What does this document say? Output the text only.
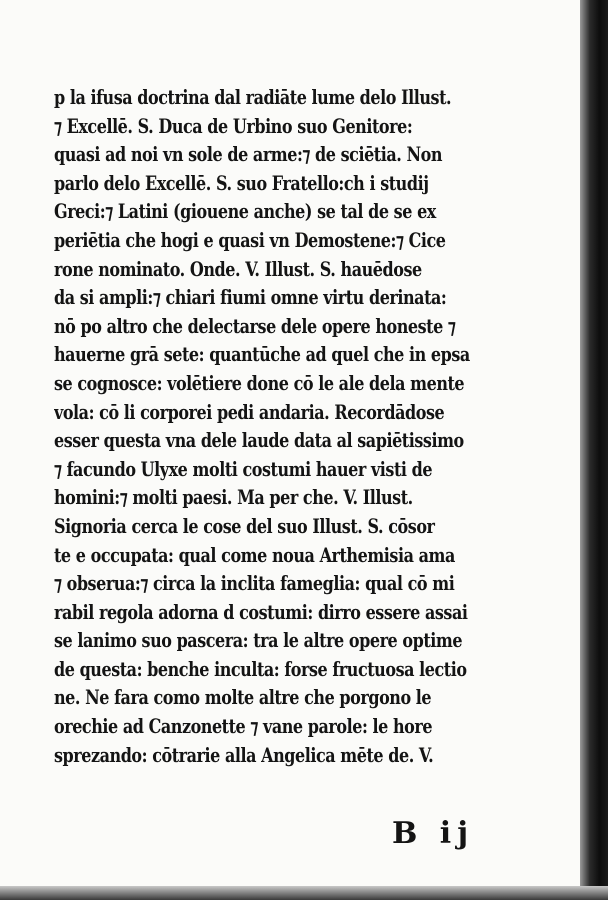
p la ifusa doctrina dal radiāte lume delo Illust.
⁊ Excellē. S. Duca de Urbino suo Genitore:
quasi ad noi vn sole de arme:⁊ de sciētia. Non
parlo delo Excellē. S. suo Fratello:ch i studij
Greci:⁊ Latini (giouene anche) se tal de se ex
periētia che hogi e quasi vn Demostene:⁊ Cice
rone nominato. Onde. V. Illust. S. hauēdose
da si ampli:⁊ chiari fiumi omne virtu derinata:
nō po altro che delectarse dele opere honeste ⁊
hauerne grā sete: quantūche ad quel che in epsa
se cognosce: volētiere done cō le ale dela mente
vola: cō li corporei pedi andaria. Recordādose
esser questa vna dele laude data al sapiētissimo
⁊ facundo Ulyxe molti costumi hauer visti de
homini:⁊ molti paesi. Ma per che. V. Illust.
Signoria cerca le cose del suo Illust. S. cōsor
te e occupata: qual come noua Arthemisia ama
⁊ obserua:⁊ circa la inclita fameglia: qual cō mi
rabil regola adorna d costumi: dirro essere assai
se lanimo suo pascera: tra le altre opere optime
de questa: benche inculta: forse fructuosa lectio
ne. Ne fara como molte altre che porgono le
orechie ad Canzonette ⁊ vane parole: le hore
sprezando: cōtrarie alla Angelica mēte de. V.
B ij
